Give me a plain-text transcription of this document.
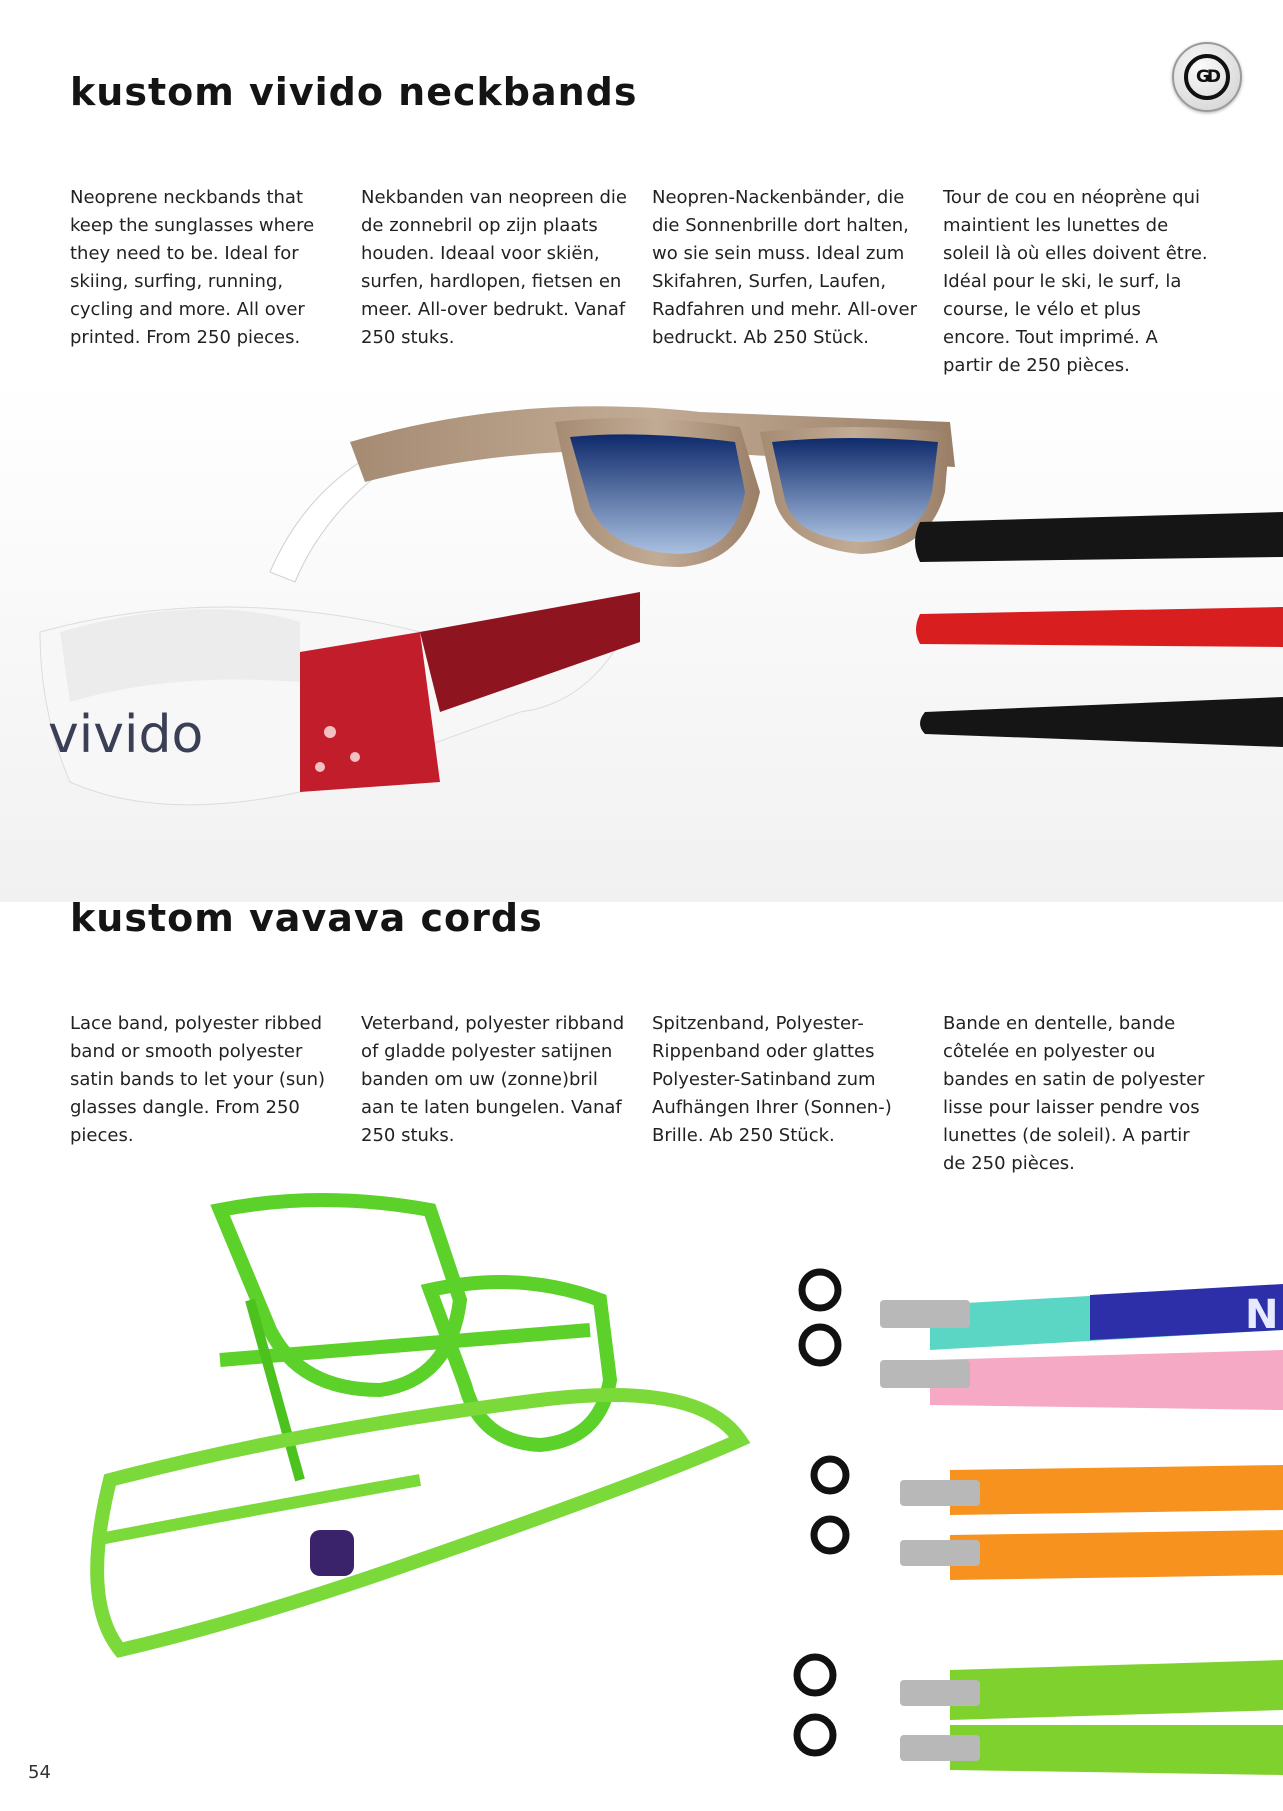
GD
kustom vivido neckbands

Neoprene neckbands that keep the sunglasses where they need to be. Ideal for skiing, surfing, running, cycling and more. All over printed. From 250 pieces.

Nekbanden van neopreen die de zonnebril op zijn plaats houden. Ideaal voor skiën, surfen, hardlopen, fietsen en meer. All-over bedrukt. Vanaf 250 stuks.

Neopren-Nackenbänder, die die Sonnenbrille dort halten, wo sie sein muss. Ideal zum Skifahren, Surfen, Laufen, Radfahren und mehr. All-over bedruckt. Ab 250 Stück.

Tour de cou en néoprène qui maintient les lunettes de soleil là où elles doivent être. Idéal pour le ski, le surf, la course, le vélo et plus encore. Tout imprimé. A partir de 250 pièces.

vivido
kustom vavava cords

Lace band, polyester ribbed band or smooth polyester satin bands to let your (sun) glasses dangle. From 250 pieces.

Veterband, polyester ribband of gladde polyester satijnen banden om uw (zonne)bril aan te laten bungelen. Vanaf 250 stuks.

Spitzenband, Polyester-Rippenband oder glattes Polyester-Satinband zum Aufhängen Ihrer (Sonnen-) Brille. Ab 250 Stück.

Bande en dentelle, bande côtelée en polyester ou bandes en satin de polyester lisse pour laisser pendre vos lunettes (de soleil). A partir de 250 pièces.

N
54
